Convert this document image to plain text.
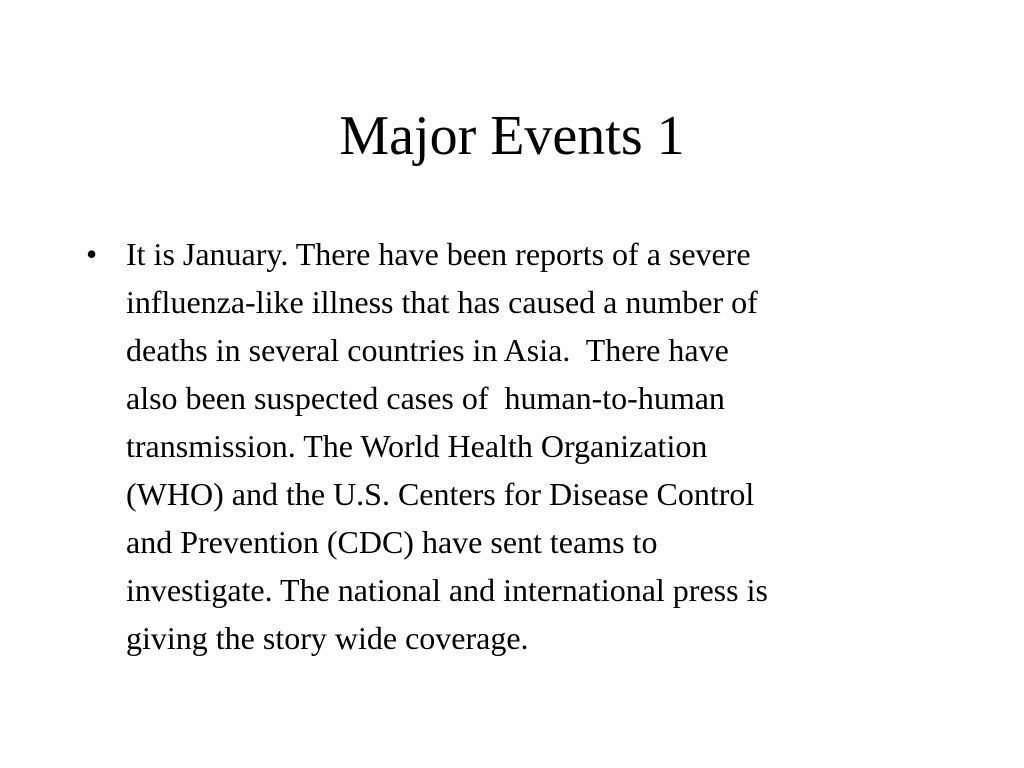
Major Events 1
• It is January. There have been reports of a severe
influenza-like illness that has caused a number of
deaths in several countries in Asia.  There have
also been suspected cases of  human-to-human
transmission. The World Health Organization
(WHO) and the U.S. Centers for Disease Control
and Prevention (CDC) have sent teams to
investigate. The national and international press is
giving the story wide coverage.
